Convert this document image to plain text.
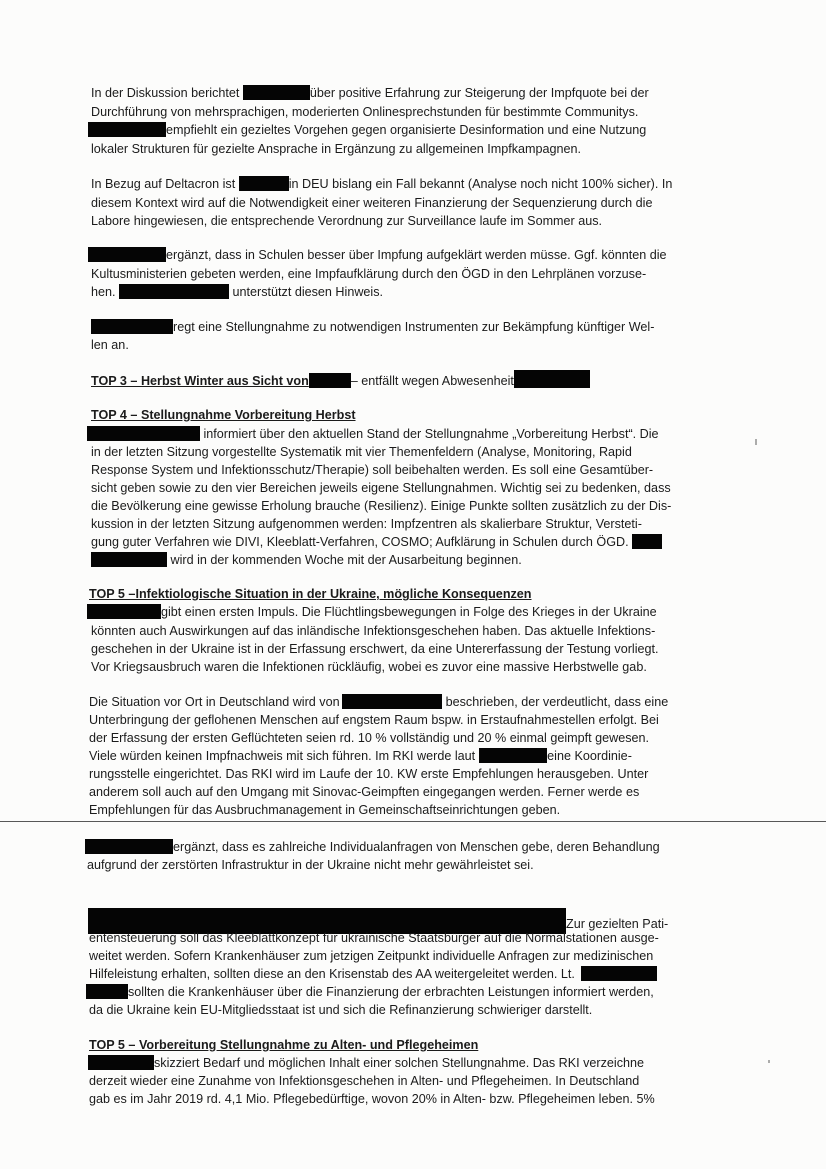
In der Diskussion berichtet	über positive Erfahrung zur Steigerung der Impfquote bei der
Durchführung von mehrsprachigen, moderierten Onlinesprechstunden für bestimmte Communitys.
empfiehlt ein gezieltes Vorgehen gegen organisierte Desinformation und eine Nutzung
lokaler Strukturen für gezielte Ansprache in Ergänzung zu allgemeinen Impfkampagnen.
In Bezug auf Deltacron ist	in DEU bislang ein Fall bekannt (Analyse noch nicht 100% sicher). In
diesem Kontext wird auf die Notwendigkeit einer weiteren Finanzierung der Sequenzierung durch die
Labore hingewiesen, die entsprechende Verordnung zur Surveillance laufe im Sommer aus.
ergänzt, dass in Schulen besser über Impfung aufgeklärt werden müsse. Ggf. könnten die
Kultusministerien gebeten werden, eine Impfaufklärung durch den ÖGD in den Lehrplänen vorzuse-
hen.	unterstützt diesen Hinweis.
regt eine Stellungnahme zu notwendigen Instrumenten zur Bekämpfung künftiger Wel-
len an.
TOP 3 – Herbst Winter aus Sicht von	– entfällt wegen Abwesenheit
TOP 4 – Stellungnahme Vorbereitung Herbst
informiert über den aktuellen Stand der Stellungnahme „Vorbereitung Herbst“. Die
in der letzten Sitzung vorgestellte Systematik mit vier Themenfeldern (Analyse, Monitoring, Rapid
Response System und Infektionsschutz/Therapie) soll beibehalten werden. Es soll eine Gesamtüber-
sicht geben sowie zu den vier Bereichen jeweils eigene Stellungnahmen. Wichtig sei zu bedenken, dass
die Bevölkerung eine gewisse Erholung brauche (Resilienz). Einige Punkte sollten zusätzlich zu der Dis-
kussion in der letzten Sitzung aufgenommen werden: Impfzentren als skalierbare Struktur, Versteti-
gung guter Verfahren wie DIVI, Kleeblatt-Verfahren, COSMO; Aufklärung in Schulen durch ÖGD.
wird in der kommenden Woche mit der Ausarbeitung beginnen.
TOP 5 –Infektiologische Situation in der Ukraine, mögliche Konsequenzen
gibt einen ersten Impuls. Die Flüchtlingsbewegungen in Folge des Krieges in der Ukraine
könnten auch Auswirkungen auf das inländische Infektionsgeschehen haben. Das aktuelle Infektions-
geschehen in der Ukraine ist in der Erfassung erschwert, da eine Untererfassung der Testung vorliegt.
Vor Kriegsausbruch waren die Infektionen rückläufig, wobei es zuvor eine massive Herbstwelle gab.
Die Situation vor Ort in Deutschland wird von	beschrieben, der verdeutlicht, dass eine
Unterbringung der geflohenen Menschen auf engstem Raum bspw. in Erstaufnahmestellen erfolgt. Bei
der Erfassung der ersten Geflüchteten seien rd. 10 % vollständig und 20 % einmal geimpft gewesen.
Viele würden keinen Impfnachweis mit sich führen. Im RKI werde laut	eine Koordinie-
rungsstelle eingerichtet. Das RKI wird im Laufe der 10. KW erste Empfehlungen herausgeben. Unter
anderem soll auch auf den Umgang mit Sinovac-Geimpften eingegangen werden. Ferner werde es
Empfehlungen für das Ausbruchmanagement in Gemeinschaftseinrichtungen geben.
ergänzt, dass es zahlreiche Individualanfragen von Menschen gebe, deren Behandlung
aufgrund der zerstörten Infrastruktur in der Ukraine nicht mehr gewährleistet sei.
Zur gezielten Pati-
entensteuerung soll das Kleeblattkonzept für ukrainische Staatsbürger auf die Normalstationen ausge-
weitet werden. Sofern Krankenhäuser zum jetzigen Zeitpunkt individuelle Anfragen zur medizinischen
Hilfeleistung erhalten, sollten diese an den Krisenstab des AA weitergeleitet werden. Lt.
sollten die Krankenhäuser über die Finanzierung der erbrachten Leistungen informiert werden,
da die Ukraine kein EU-Mitgliedsstaat ist und sich die Refinanzierung schwieriger darstellt.
TOP 5 – Vorbereitung Stellungnahme zu Alten- und Pflegeheimen
skizziert Bedarf und möglichen Inhalt einer solchen Stellungnahme. Das RKI verzeichne
derzeit wieder eine Zunahme von Infektionsgeschehen in Alten- und Pflegeheimen. In Deutschland
gab es im Jahr 2019 rd. 4,1 Mio. Pflegebedürftige, wovon 20% in Alten- bzw. Pflegeheimen leben. 5%
